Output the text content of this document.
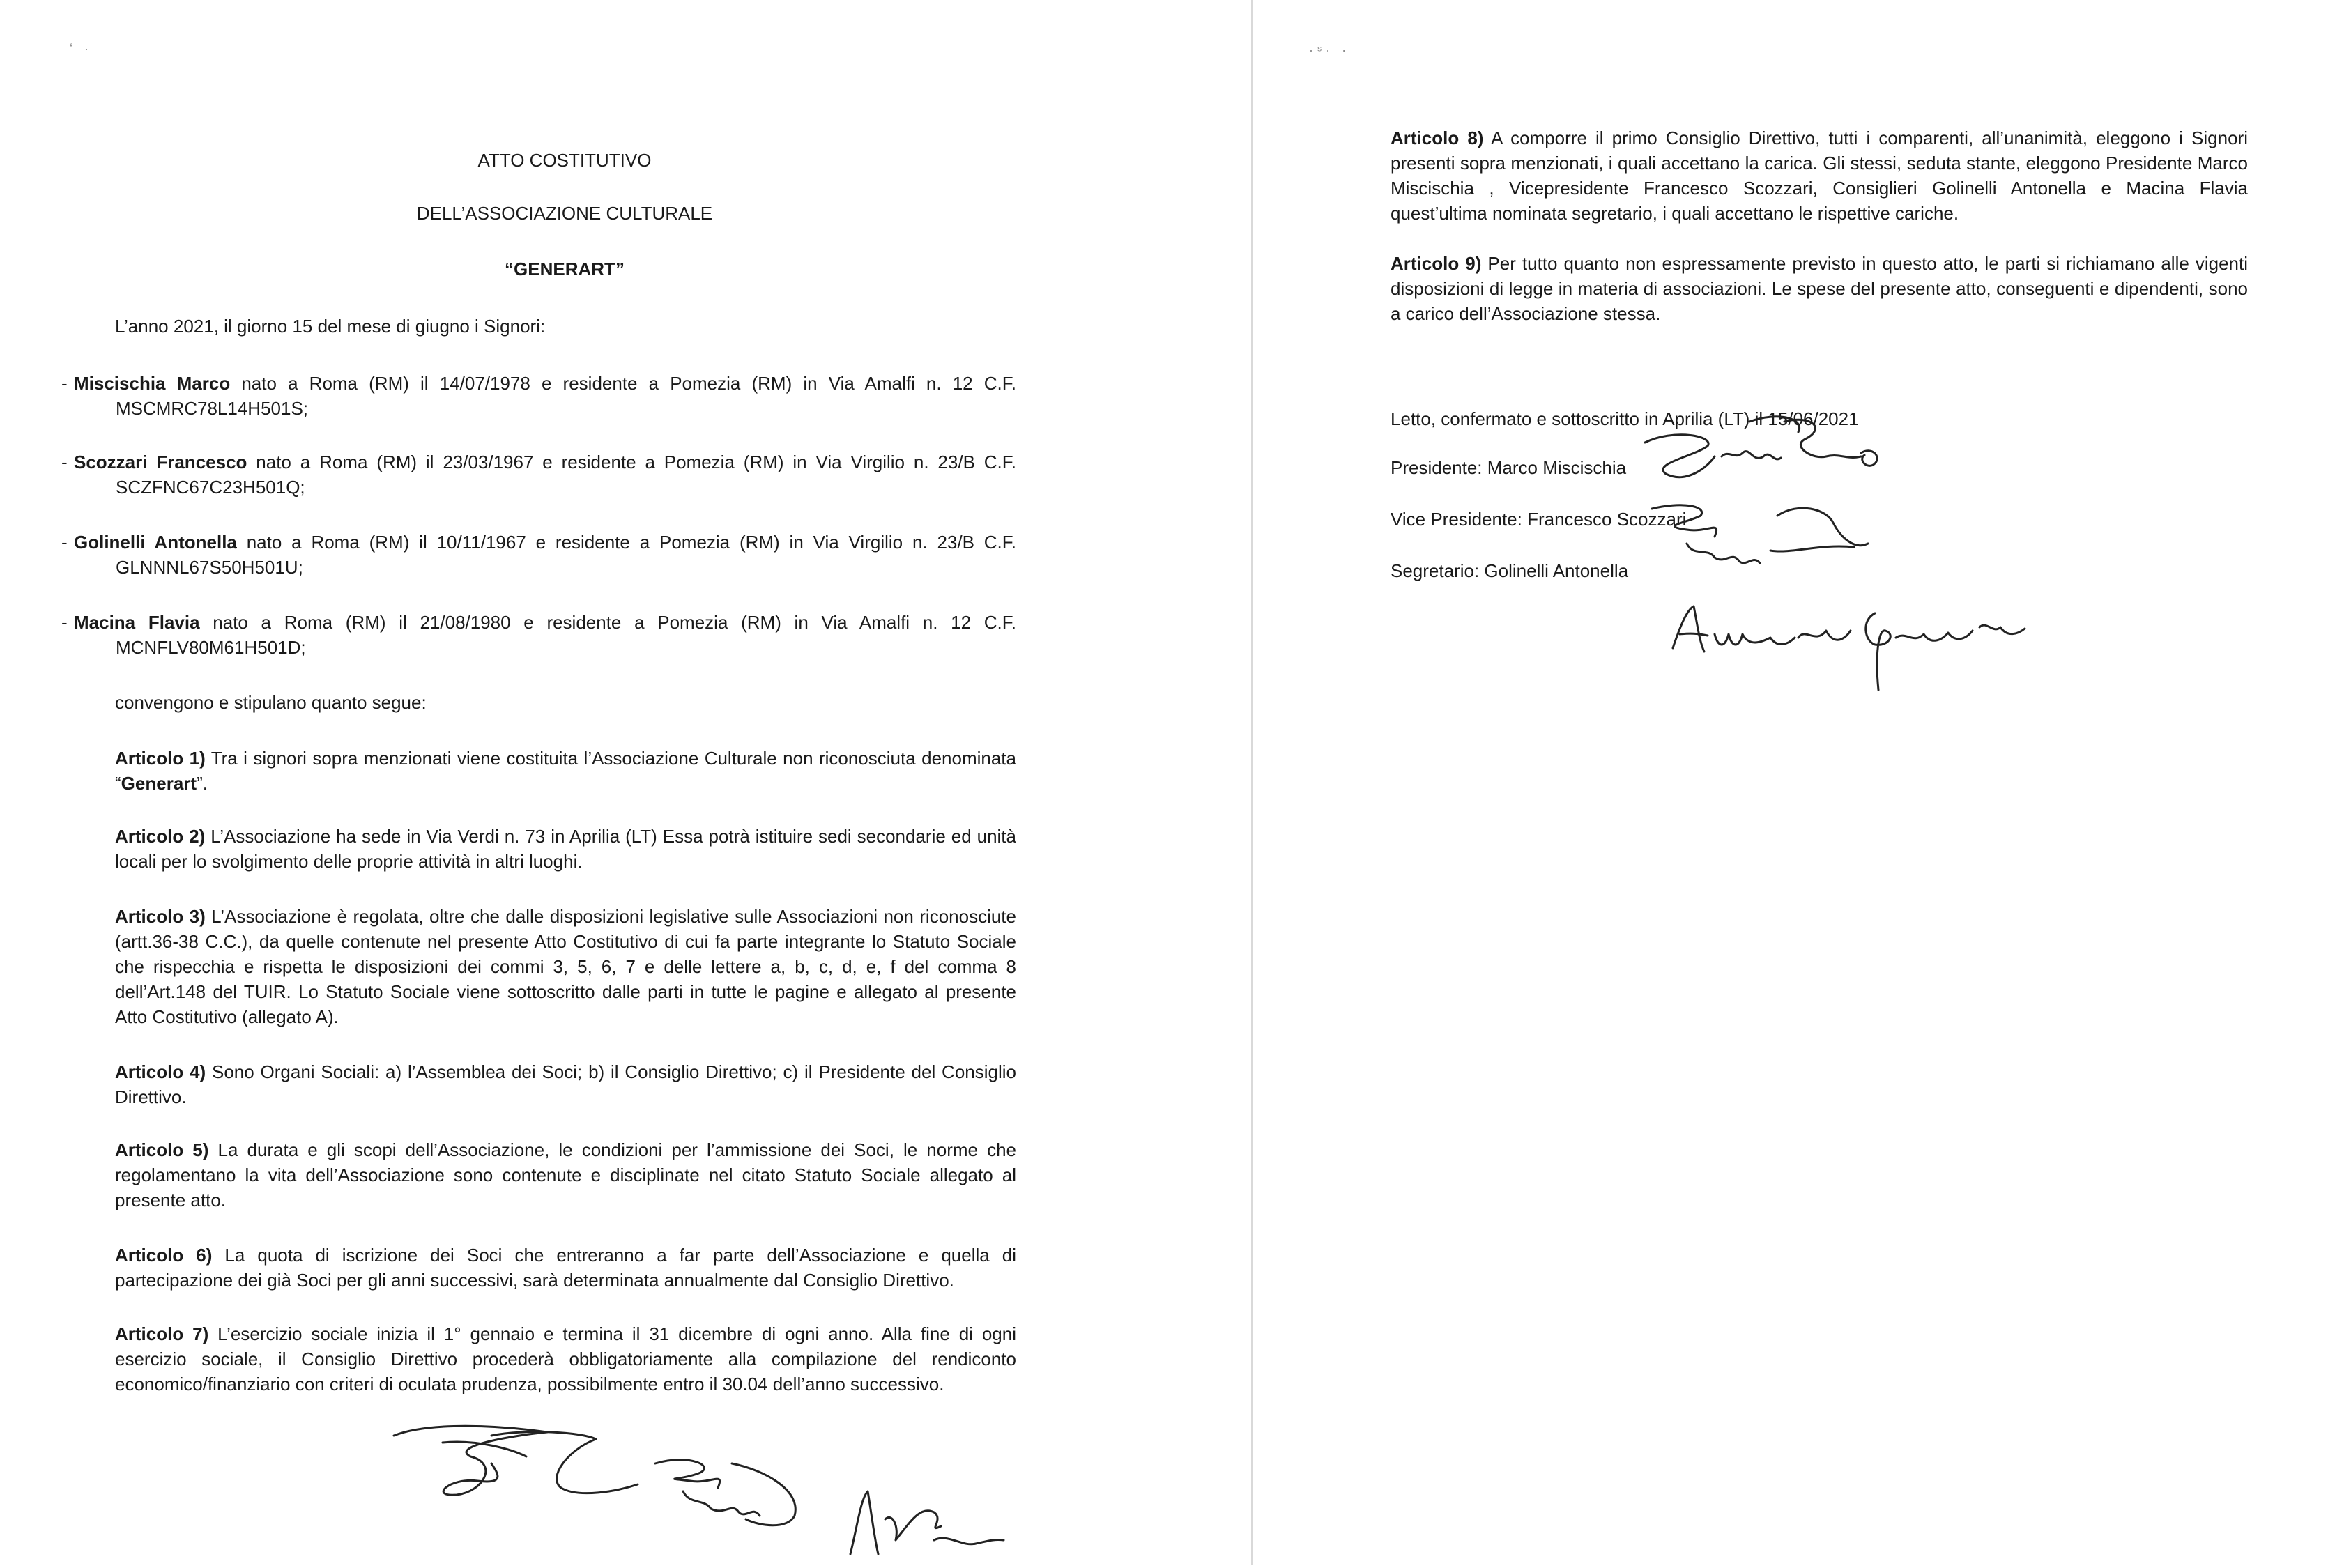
ʻ ·
ATTO COSTITUTIVO
DELL’ASSOCIAZIONE CULTURALE
“GENERART”
L’anno 2021, il giorno 15 del mese di giugno i Signori:
- Miscischia Marco nato a Roma (RM) il 14/07/1978 e residente a Pomezia (RM) in Via Amalfi n. 12 C.F.
MSCMRC78L14H501S;
- Scozzari Francesco nato a Roma (RM) il 23/03/1967 e residente a Pomezia (RM) in Via Virgilio n. 23/B C.F.
SCZFNC67C23H501Q;
- Golinelli Antonella nato a Roma (RM) il 10/11/1967 e residente a Pomezia (RM) in Via Virgilio n. 23/B C.F.
GLNNNL67S50H501U;
- Macina Flavia nato a Roma (RM) il 21/08/1980 e residente a Pomezia (RM) in Via Amalfi n. 12 C.F.
MCNFLV80M61H501D;
convengono e stipulano quanto segue:
Articolo 1) Tra i signori sopra menzionati viene costituita l’Associazione Culturale non riconosciuta denominata “Generart”.
Articolo 2) L’Associazione ha sede in Via Verdi n. 73 in Aprilia (LT) Essa potrà istituire sedi secondarie ed unità locali per lo svolgimento delle proprie attività in altri luoghi.
Articolo 3) L’Associazione è regolata, oltre che dalle disposizioni legislative sulle Associazioni non riconosciute (artt.36-38 C.C.), da quelle contenute nel presente Atto Costitutivo di cui fa parte integrante lo Statuto Sociale che rispecchia e rispetta le disposizioni dei commi 3, 5, 6, 7 e delle lettere a, b, c, d, e, f del comma 8 dell’Art.148 del TUIR. Lo Statuto Sociale viene sottoscritto dalle parti in tutte le pagine e allegato al presente Atto Costitutivo (allegato A).
Articolo 4) Sono Organi Sociali: a) l’Assemblea dei Soci; b) il Consiglio Direttivo; c) il Presidente del Consiglio Direttivo.
Articolo 5) La durata e gli scopi dell’Associazione, le condizioni per l’ammissione dei Soci, le norme che regolamentano la vita dell’Associazione sono contenute e disciplinate nel citato Statuto Sociale allegato al presente atto.
Articolo 6) La quota di iscrizione dei Soci che entreranno a far parte dell’Associazione e quella di partecipazione dei già Soci per gli anni successivi, sarà determinata annualmente dal Consiglio Direttivo.
Articolo 7) L’esercizio sociale inizia il 1° gennaio e termina il 31 dicembre di ogni anno. Alla fine di ogni esercizio sociale, il Consiglio Direttivo procederà obbligatoriamente alla compilazione del rendiconto economico/finanziario con criteri di oculata prudenza, possibilmente entro il 30.04 dell’anno successivo.
·ˢ· ·
Articolo 8) A comporre il primo Consiglio Direttivo, tutti i comparenti, all’unanimità, eleggono i Signori presenti sopra menzionati, i quali accettano la carica. Gli stessi, seduta stante, eleggono Presidente Marco Miscischia , Vicepresidente Francesco Scozzari, Consiglieri Golinelli Antonella e Macina Flavia quest’ultima nominata segretario, i quali accettano le rispettive cariche.
Articolo 9) Per tutto quanto non espressamente previsto in questo atto, le parti si richiamano alle vigenti disposizioni di legge in materia di associazioni. Le spese del presente atto, conseguenti e dipendenti, sono a carico dell’Associazione stessa.
Letto, confermato e sottoscritto in Aprilia (LT) il 15/06/2021
Presidente: Marco Miscischia
Vice Presidente: Francesco Scozzari
Segretario: Golinelli Antonella
